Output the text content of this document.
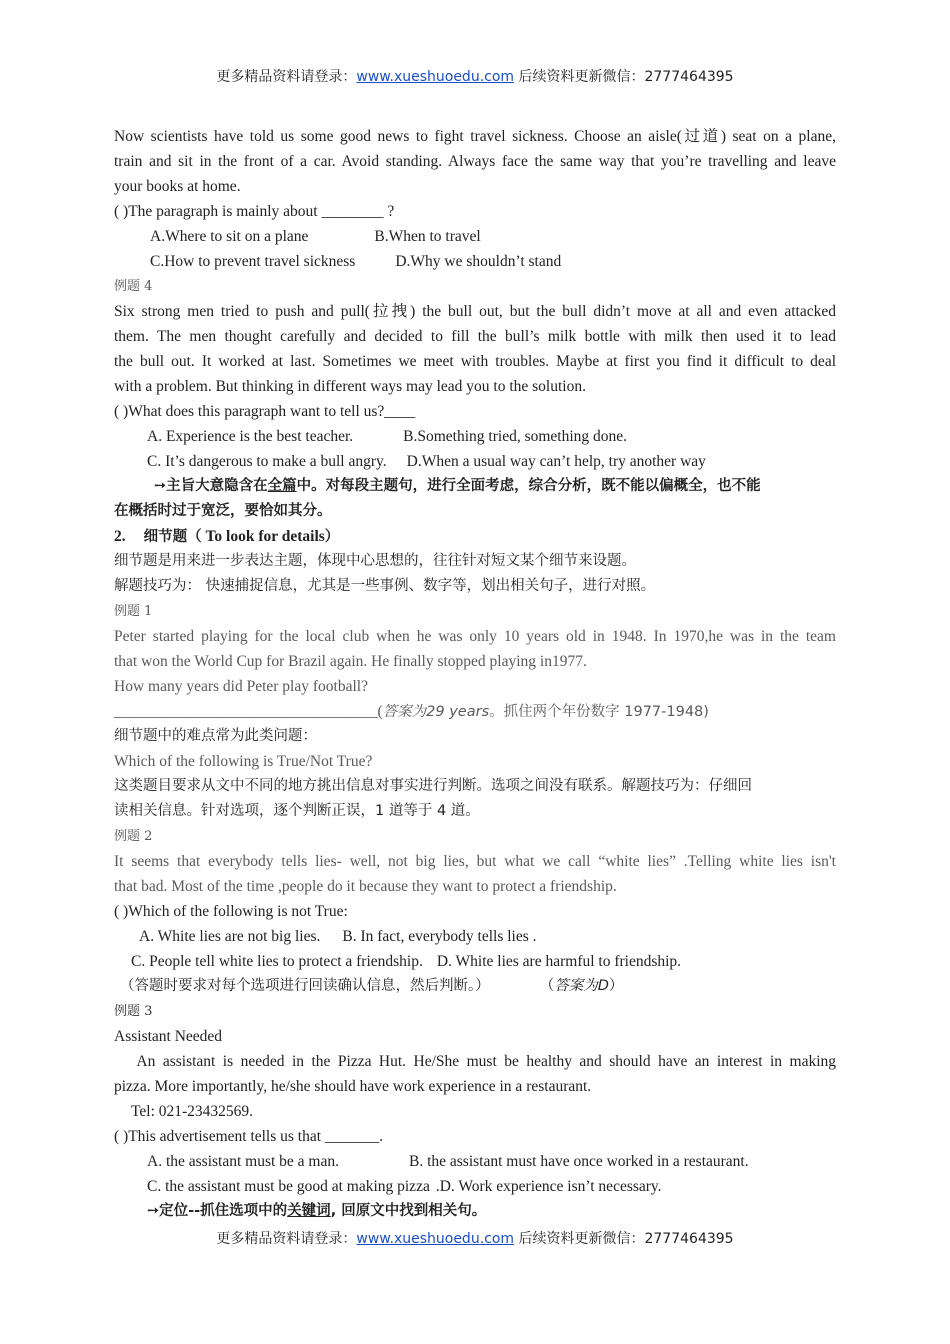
更多精品资料请登录：www.xueshuoedu.com 后续资料更新微信：2777464395
Now scientists have told us some good news to fight travel sickness. Choose an aisle(过道) seat on a plane,
train and sit in the front of a car. Avoid standing. Always face the same way that you’re travelling and leave
your books at home.
( )The paragraph is mainly about ________ ?
A.Where to sit on a plane	B.When to travel
C.How to prevent travel sickness	D.Why we shouldn’t stand
例题 4
Six strong men tried to push and pull(拉拽) the bull out, but the bull didn’t move at all and even attacked
them. The men thought carefully and decided to fill the bull’s milk bottle with milk then used it to lead
the bull out. It worked at last. Sometimes we meet with troubles. Maybe at first you find it difficult to deal
with a problem. But thinking in different ways may lead you to the solution.
( )What does this paragraph want to tell us?____
A. Experience is the best teacher.	B.Something tried, something done.
C. It’s dangerous to make a bull angry. D.When a usual way can’t help, try another way
➙主旨大意隐含在全篇中。对每段主题句，进行全面考虑，综合分析，既不能以偏概全，也不能
在概括时过于宽泛，要恰如其分。
2. 细节题（ To look for details）
细节题是用来进一步表达主题，体现中心思想的，往往针对短文某个细节来设题。
解题技巧为： 快速捕捉信息，尤其是一些事例、数字等，划出相关句子，进行对照。
例题 1
Peter started playing for the local club when he was only 10 years old in 1948. In 1970,he was in the team
that won the World Cup for Brazil again. He finally stopped playing in1977.
How many years did Peter play football?
__________________________________(答案为29 years。抓住两个年份数字 1977-1948)
细节题中的难点常为此类问题：
Which of the following is True/Not True?
这类题目要求从文中不同的地方挑出信息对事实进行判断。选项之间没有联系。解题技巧为：仔细回
读相关信息。针对选项，逐个判断正误，1 道等于 4 道。
例题 2
It seems that everybody tells lies- well, not big lies, but what we call “white lies” .Telling white lies isn't
that bad. Most of the time ,people do it because they want to protect a friendship.
( )Which of the following is not True:
A. White lies are not big lies. B. In fact, everybody tells lies .
C. People tell white lies to protect a friendship. D. White lies are harmful to friendship.
（答题时要求对每个选项进行回读确认信息，然后判断。）	（答案为D）
例题 3
Assistant Needed
An assistant is needed in the Pizza Hut. He/She must be healthy and should have an interest in making
pizza. More importantly, he/she should have work experience in a restaurant.
Tel: 021-23432569.
( )This advertisement tells us that _______.
A. the assistant must be a man.	B. the assistant must have once worked in a restaurant.
C. the assistant must be good at making pizza .D. Work experience isn’t necessary.
➙定位--抓住选项中的关键词, 回原文中找到相关句。
更多精品资料请登录：www.xueshuoedu.com 后续资料更新微信：2777464395
